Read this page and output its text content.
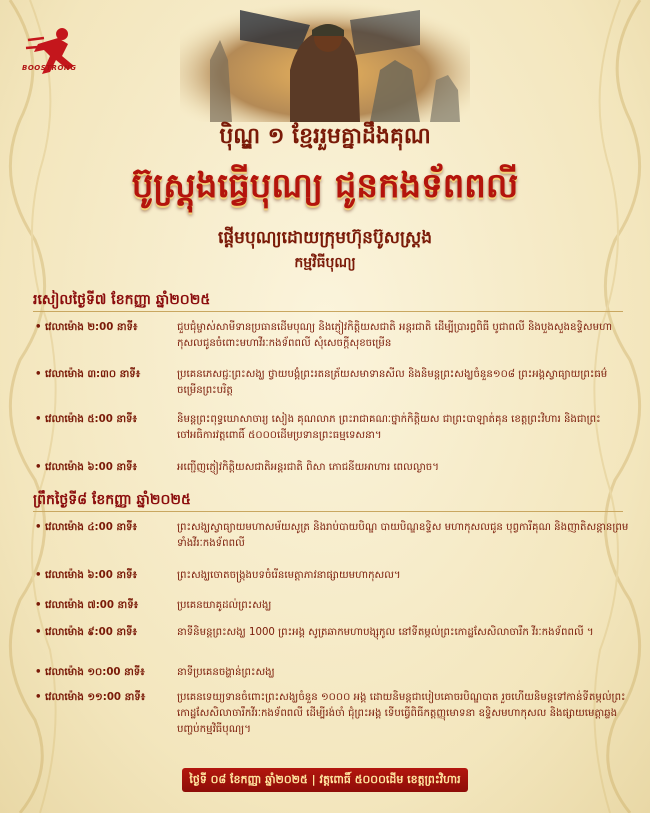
BOOSTRONG
ប៉ិណ្ឌ ១ ខ្មែររួមគ្នាដឹងគុណ
ប៊ូស្រ្តុងធ្វើបុណ្យ ជូនកងទ័ពពលី
ផ្តើមបុណ្យដោយក្រុមហ៊ុនប៊ូសស្ត្រង
កម្មវិធីបុណ្យ
រសៀលថ្ងៃទី៧ ខែកញ្ញា ឆ្នាំ២០២៥
• វេលាម៉ោង ២:00 នាទី៖	ជួបជុំម្ចាស់សាមីទានប្រធានដើមបុណ្យ និងភ្ញៀវកិត្តិយសជាតិ អន្តរជាតិ ដើម្បីប្រារព្ធពិធី បូជាពលី និងបួងសួងឧទ្ទិសមហាកុសលជូនចំពោះមហាវីរៈកងទ័ពពលី សុំសេចក្តីសុខចម្រើន
• វេលាម៉ោង ៣:៣០ នាទី៖	ប្រគេនភេសជ្ជៈព្រះសង្ឃ ថ្វាយបង្គំព្រះរតនត្រ័យសមាទានសីល និងនិមន្តព្រះសង្ឃចំនួន១០៨ ព្រះអង្គស្វាធ្យាយព្រះធម៌ចម្រើនព្រះបរិត្ត
• វេលាម៉ោង ៥:00 នាទី៖	និមន្តព្រះពុទ្ធឃោសាចារ្យ សៀង គុណលាភ ព្រះរាជាគណៈថ្នាក់កិត្តិយស ជាព្រះបាឡាត់គុន ខេត្តព្រះវិហារ និងជាព្រះចៅអធិការវត្តពោធិ៍ ៥០០០ដើមប្រទានព្រះធម្មទេសនា។
• វេលាម៉ោង ៦:00 នាទី៖	អញ្ជើញភ្ញៀវកិត្តិយសជាតិអន្តរជាតិ ពិសា ភោជនីយអាហារ ពេលល្ងាច។
ព្រឹកថ្ងៃទី៨ ខែកញ្ញា ឆ្នាំ២០២៥
• វេលាម៉ោង ៤:00 នាទី៖	ព្រះសង្ឃស្វាធ្យាយមហាសម័យសូត្រ និងរាប់បាយបិណ្ឌ បាយបិណ្ឌឧទ្ទិស មហាកុសលជូន បុព្វការីគុណ និងញាតិសន្តានព្រមទាំងវីរៈកងទ័ពពលី
• វេលាម៉ោង ៦:00 នាទី៖	ព្រះសង្ឃចោតចង្ក្រងបទចំរើនមេត្តាភាវនាផ្សាយមហាកុសល។
• វេលាម៉ោង ៧:00 នាទី៖	ប្រគេនយាគូដល់ព្រះសង្ឃ
• វេលាម៉ោង ៩:00 នាទី៖	នាទីនិមន្តព្រះសង្ឃ 1000 ព្រះអង្គ សូត្រឆាកមហាបង្សុកូល នៅទីតម្កល់ព្រះកោដ្ឋសែសិលាចារឹក វីរៈកងទ័ពពលី ។
• វេលាម៉ោង ១០:00 នាទី៖	នាទីប្រគេនចង្ហាន់ព្រះសង្ឃ
• វេលាម៉ោង ១១:00 នាទី៖	ប្រគេនទេយ្យទានចំពោះព្រះសង្ឃចំនួន ១០០០ អង្គ ដោយនិមន្តជាបៀបគោចរបិណ្ឌបាត រួចហើយនិមន្តទៅកាន់ទីតម្កល់ព្រះកោដ្ឋសែសិលាចារឹកវីរៈកងទ័ពពលី ដើម្បីរង់ចាំ ជុំព្រះអង្គ ទើបធ្វើពិធីកត្តញ្ញុមោទនា ឧទ្ទិសមហាកុសល និងផ្សាយមេត្តាឆ្លងបញ្ចប់កម្មវិធីបុណ្យ។
ថ្ងៃទី ០៨ ខែកញ្ញា ឆ្នាំ២០២៥ | វត្តពោធិ៍ ៥០០០ដើម ខេត្តព្រះវិហារ
